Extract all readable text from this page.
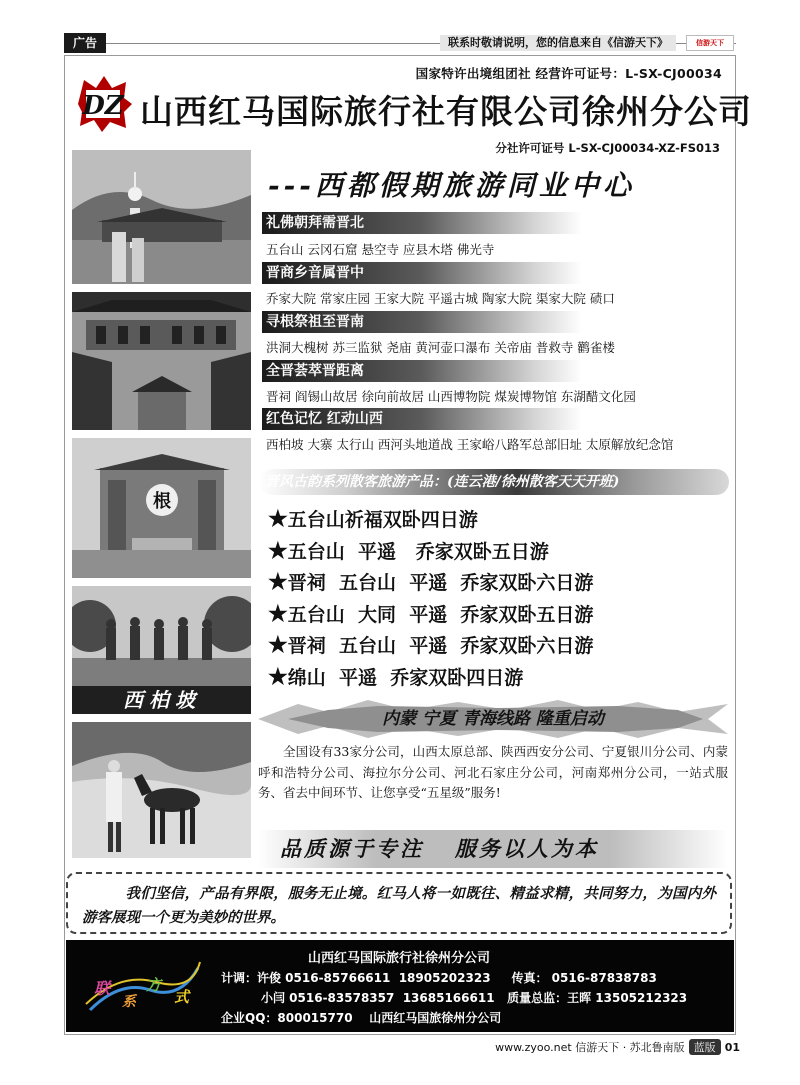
广告	联系时敬请说明，您的信息来自《信游天下》	信游天下
国家特许出境组团社 经营许可证号：L-SX-CJ00034
DZ 山西红马国际旅行社有限公司徐州分公司
分社许可证号 L-SX-CJ00034-XZ-FS013
根
西柏坡
---西都假期旅游同业中心
礼佛朝拜需晋北
五台山 云冈石窟 悬空寺 应县木塔 佛光寺
晋商乡音属晋中
乔家大院 常家庄园 王家大院 平遥古城 陶家大院 渠家大院 碛口
寻根祭祖至晋南
洪洞大槐树 苏三监狱 尧庙 黄河壶口瀑布 关帝庙 普救寺 鹳雀楼
全晋荟萃晋距离
晋祠 阎锡山故居 徐向前故居 山西博物院 煤炭博物馆 东湖醋文化园
红色记忆 红动山西
西柏坡 大寨 太行山 西河头地道战 王家峪八路军总部旧址 太原解放纪念馆
晋风古韵系列散客旅游产品：(连云港/徐州散客天天开班)
★五台山祈福双卧四日游
★五台山  平遥   乔家双卧五日游
★晋祠  五台山  平遥  乔家双卧六日游
★五台山  大同  平遥  乔家双卧五日游
★晋祠  五台山  平遥  乔家双卧六日游
★绵山  平遥  乔家双卧四日游
内蒙 宁夏 青海线路 隆重启动

全国设有33家分公司，山西太原总部、陕西西安分公司、宁夏银川分公司、内蒙呼和浩特分公司、海拉尔分公司、河北石家庄分公司，河南郑州分公司，一站式服务、省去中间环节、让您享受“五星级”服务!

品质源于专注   服务以人为本

我们坚信，产品有界限，服务无止境。红马人将一如既往、精益求精，共同努力，为国内外游客展现一个更为美妙的世界。

山西红马国际旅行社徐州分公司
联
系
方
式
计调：许俊 0516-85766611  18905202323     传真： 0516-87838783
小闫 0516-83578357  13685166611   质量总监：王晖 13505212323
企业QQ：800015770    山西红马国旅徐州分公司
www.zyoo.net 信游天下 · 苏北鲁南版 蓝版 01
